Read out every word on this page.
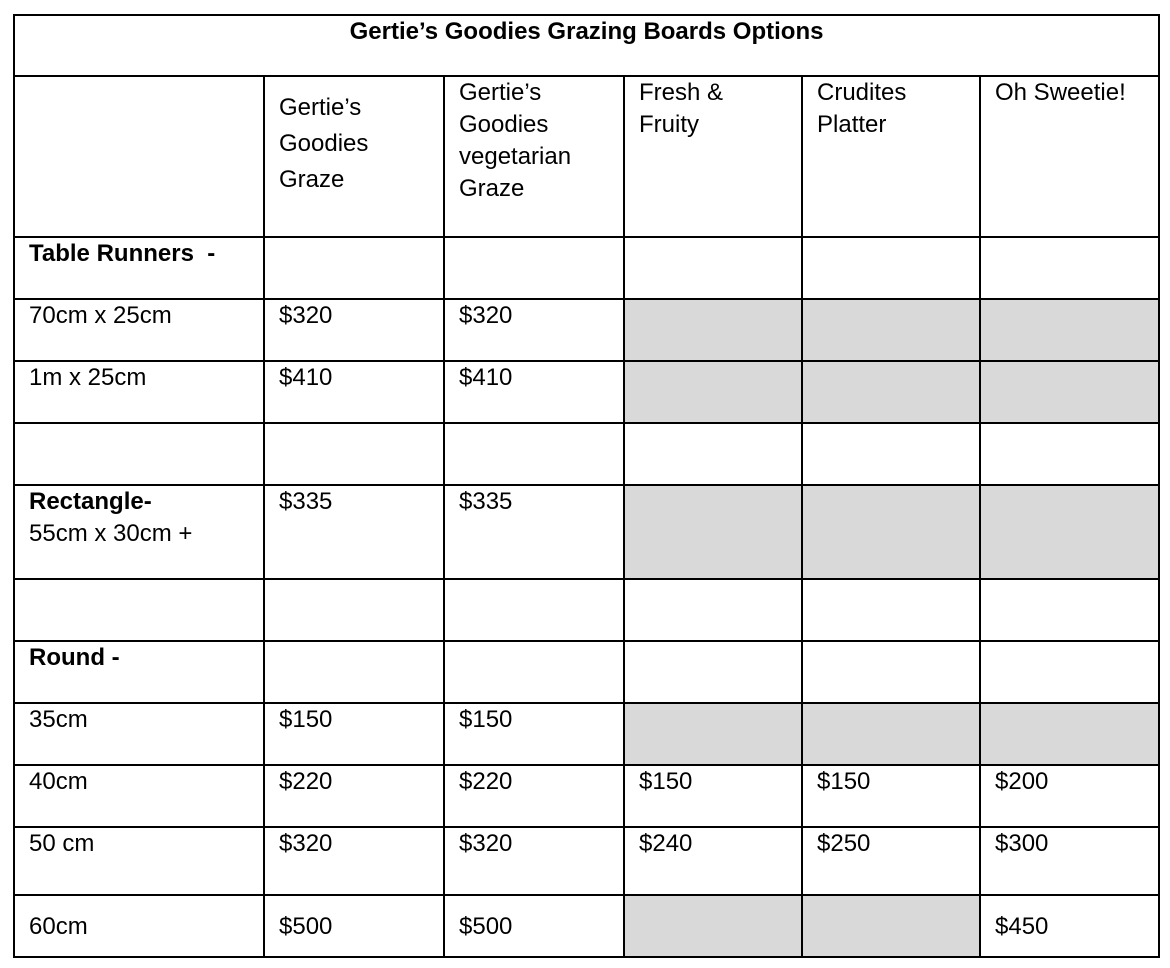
Gertie’s Goodies Grazing Boards Options					
	Gertie’s Goodies Graze	Gertie’s Goodies vegetarian Graze	Fresh & Fruity	Crudites Platter	Oh Sweetie!
Table Runners  -					
70cm x 25cm	$320	$320			
1m x 25cm	$410	$410			

Rectangle-
55cm x 30cm +	$335	$335			

Round -					
35cm	$150	$150			
40cm	$220	$220	$150	$150	$200
50 cm	$320	$320	$240	$250	$300
60cm	$500	$500			$450
